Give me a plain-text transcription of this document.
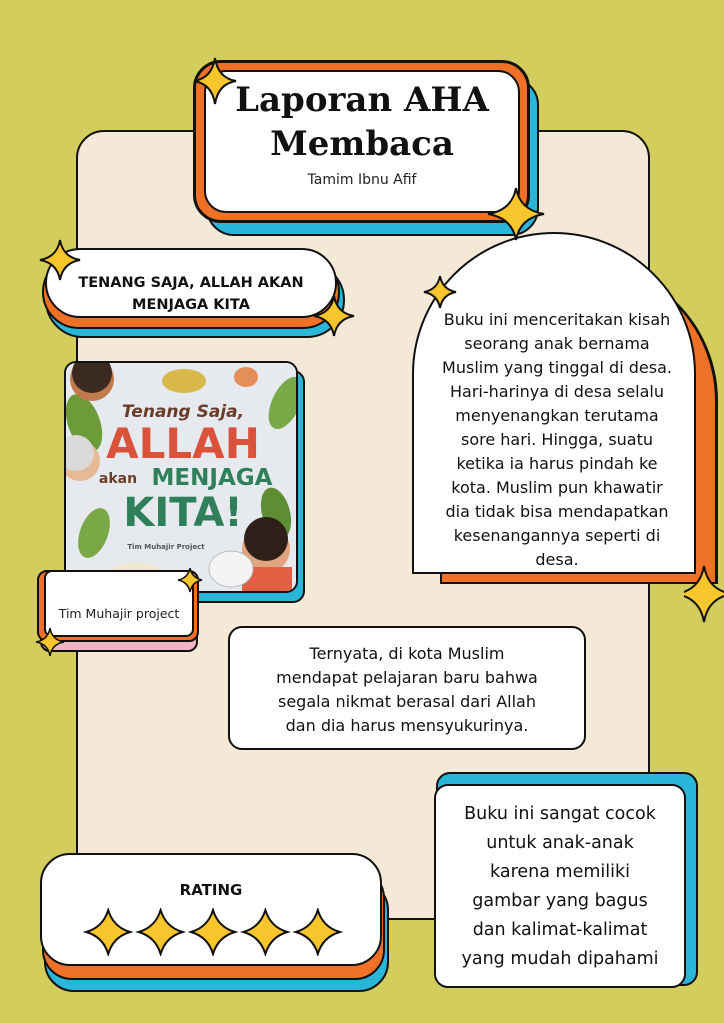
Laporan AHA
Membaca
Tamim Ibnu Afif
TENANG SAJA, ALLAH AKAN
MENJAGA KITA
Tenang Saja,
ALLAH
akan MENJAGA
KITA!
Tim Muhajir Project
Tim Muhajir project
Buku ini menceritakan kisah
seorang anak bernama
Muslim yang tinggal di desa.
Hari-harinya di desa selalu
menyenangkan terutama
sore hari. Hingga, suatu
ketika ia harus pindah ke
kota. Muslim pun khawatir
dia tidak bisa mendapatkan
kesenangannya seperti di
desa.
Ternyata, di kota Muslim
mendapat pelajaran baru bahwa
segala nikmat berasal dari Allah
dan dia harus mensyukurinya.
Buku ini sangat cocok
untuk anak-anak
karena memiliki
gambar yang bagus
dan kalimat-kalimat
yang mudah dipahami
RATING
